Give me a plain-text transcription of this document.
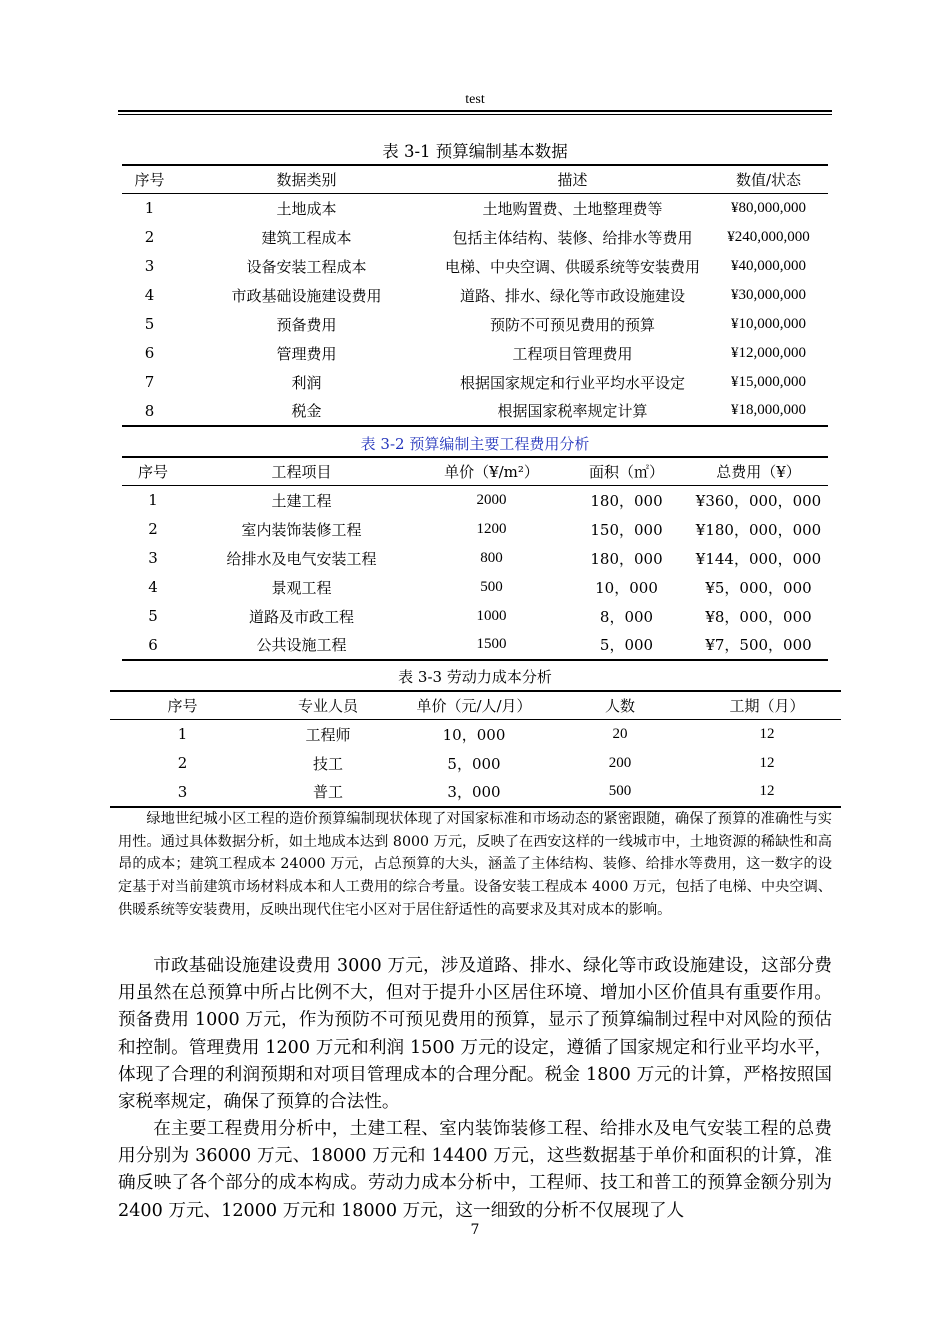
test
表 3-1 预算编制基本数据
序号	数据类别	描述	数值/状态
1	土地成本	土地购置费、土地整理费等	¥80,000,000
2	建筑工程成本	包括主体结构、装修、给排水等费用	¥240,000,000
3	设备安装工程成本	电梯、中央空调、供暖系统等安装费用	¥40,000,000
4	市政基础设施建设费用	道路、排水、绿化等市政设施建设	¥30,000,000
5	预备费用	预防不可预见费用的预算	¥10,000,000
6	管理费用	工程项目管理费用	¥12,000,000
7	利润	根据国家规定和行业平均水平设定	¥15,000,000
8	税金	根据国家税率规定计算	¥18,000,000
表 3-2 预算编制主要工程费用分析
序号	工程项目	单价（¥/m²）	面积（㎡）	总费用（¥）
1	土建工程	2000	180，000	¥360，000，000
2	室内装饰装修工程	1200	150，000	¥180，000，000
3	给排水及电气安装工程	800	180，000	¥144，000，000
4	景观工程	500	10，000	¥5，000，000
5	道路及市政工程	1000	8，000	¥8，000，000
6	公共设施工程	1500	5，000	¥7，500，000
表 3-3 劳动力成本分析
序号	专业人员	单价（元/人/月）	人数	工期（月）
1	工程师	10，000	20	12
2	技工	5，000	200	12
3	普工	3，000	500	12
绿地世纪城小区工程的造价预算编制现状体现了对国家标准和市场动态的紧密跟随，确保了预算的准确性与实用性。通过具体数据分析，如土地成本达到 8000 万元，反映了在西安这样的一线城市中，土地资源的稀缺性和高昂的成本；建筑工程成本 24000 万元，占总预算的大头，涵盖了主体结构、装修、给排水等费用，这一数字的设定基于对当前建筑市场材料成本和人工费用的综合考量。设备安装工程成本 4000 万元，包括了电梯、中央空调、供暖系统等安装费用，反映出现代住宅小区对于居住舒适性的高要求及其对成本的影响。
市政基础设施建设费用 3000 万元，涉及道路、排水、绿化等市政设施建设，这部分费用虽然在总预算中所占比例不大，但对于提升小区居住环境、增加小区价值具有重要作用。预备费用 1000 万元，作为预防不可预见费用的预算，显示了预算编制过程中对风险的预估和控制。管理费用 1200 万元和利润 1500 万元的设定，遵循了国家规定和行业平均水平，体现了合理的利润预期和对项目管理成本的合理分配。税金 1800 万元的计算，严格按照国家税率规定，确保了预算的合法性。
在主要工程费用分析中，土建工程、室内装饰装修工程、给排水及电气安装工程的总费用分别为 36000 万元、18000 万元和 14400 万元，这些数据基于单价和面积的计算，准确反映了各个部分的成本构成。劳动力成本分析中，工程师、技工和普工的预算金额分别为 2400 万元、12000 万元和 18000 万元，这一细致的分析不仅展现了人
7
